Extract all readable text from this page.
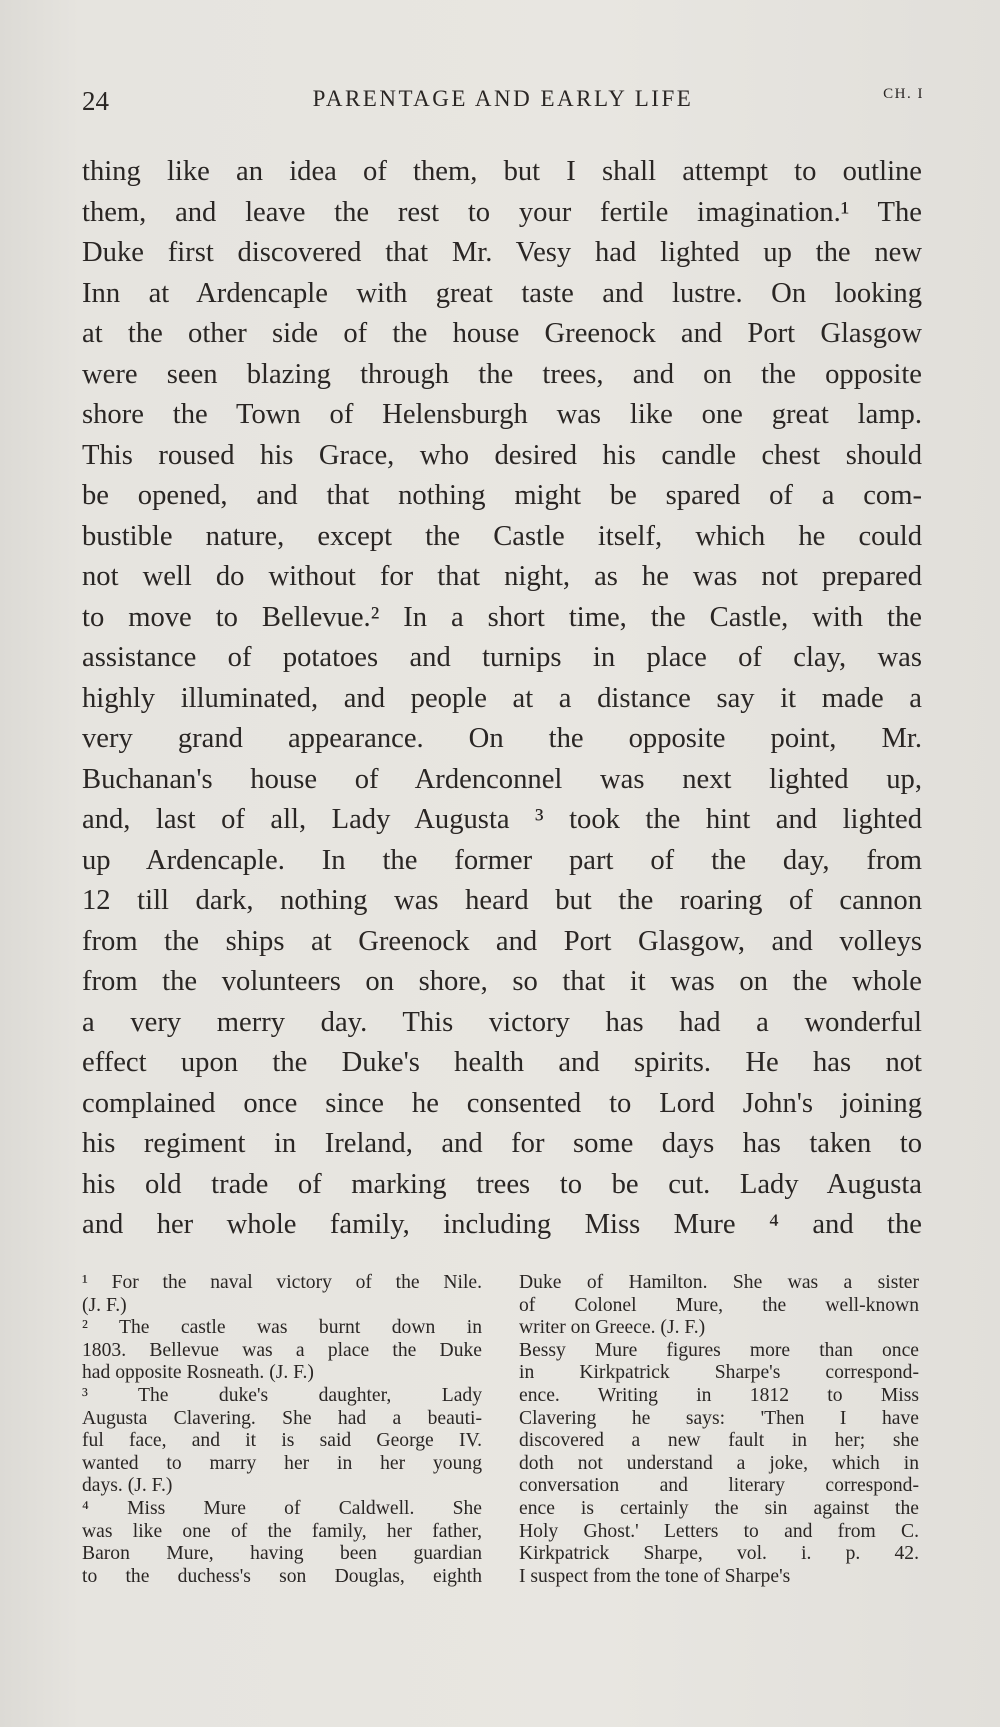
24	PARENTAGE AND EARLY LIFE	CH. I
thing like an idea of them, but I shall attempt to outline
them, and leave the rest to your fertile imagination.¹ The
Duke first discovered that Mr. Vesy had lighted up the new
Inn at Ardencaple with great taste and lustre. On looking
at the other side of the house Greenock and Port Glasgow
were seen blazing through the trees, and on the opposite
shore the Town of Helensburgh was like one great lamp.
This roused his Grace, who desired his candle chest should
be opened, and that nothing might be spared of a com-
bustible nature, except the Castle itself, which he could
not well do without for that night, as he was not prepared
to move to Bellevue.² In a short time, the Castle, with the
assistance of potatoes and turnips in place of clay, was
highly illuminated, and people at a distance say it made a
very grand appearance. On the opposite point, Mr.
Buchanan's house of Ardenconnel was next lighted up,
and, last of all, Lady Augusta ³ took the hint and lighted
up Ardencaple. In the former part of the day, from
12 till dark, nothing was heard but the roaring of cannon
from the ships at Greenock and Port Glasgow, and volleys
from the volunteers on shore, so that it was on the whole
a very merry day. This victory has had a wonderful
effect upon the Duke's health and spirits. He has not
complained once since he consented to Lord John's joining
his regiment in Ireland, and for some days has taken to
his old trade of marking trees to be cut. Lady Augusta
and her whole family, including Miss Mure ⁴ and the
¹ For the naval victory of the Nile.
(J. F.)
² The castle was burnt down in
1803. Bellevue was a place the Duke
had opposite Rosneath. (J. F.)
³ The duke's daughter, Lady
Augusta Clavering. She had a beauti-
ful face, and it is said George IV.
wanted to marry her in her young
days. (J. F.)
⁴ Miss Mure of Caldwell. She
was like one of the family, her father,
Baron Mure, having been guardian
to the duchess's son Douglas, eighth
Duke of Hamilton. She was a sister
of Colonel Mure, the well-known
writer on Greece. (J. F.)
Bessy Mure figures more than once
in Kirkpatrick Sharpe's correspond-
ence. Writing in 1812 to Miss
Clavering he says: 'Then I have
discovered a new fault in her; she
doth not understand a joke, which in
conversation and literary correspond-
ence is certainly the sin against the
Holy Ghost.' Letters to and from C.
Kirkpatrick Sharpe, vol. i. p. 42.
I suspect from the tone of Sharpe's
